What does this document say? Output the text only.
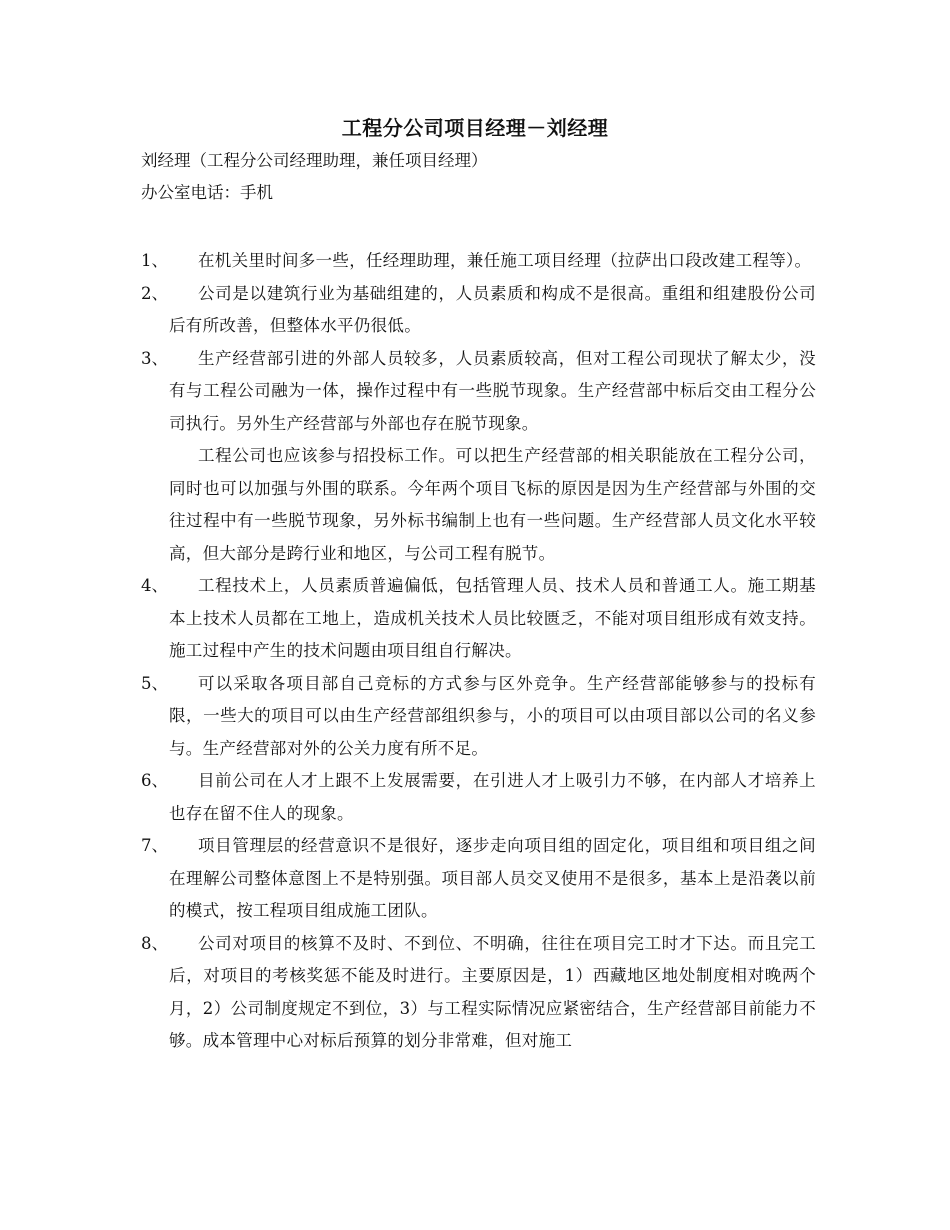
工程分公司项目经理－刘经理
刘经理（工程分公司经理助理，兼任项目经理）
办公室电话：手机
1、	在机关里时间多一些，任经理助理，兼任施工项目经理（拉萨出口段改建工程等）。
2、	公司是以建筑行业为基础组建的，人员素质和构成不是很高。重组和组建股份公司后有所改善，但整体水平仍很低。
3、	生产经营部引进的外部人员较多，人员素质较高，但对工程公司现状了解太少，没有与工程公司融为一体，操作过程中有一些脱节现象。生产经营部中标后交由工程分公司执行。另外生产经营部与外部也存在脱节现象。
工程公司也应该参与招投标工作。可以把生产经营部的相关职能放在工程分公司，同时也可以加强与外围的联系。今年两个项目飞标的原因是因为生产经营部与外围的交往过程中有一些脱节现象，另外标书编制上也有一些问题。生产经营部人员文化水平较高，但大部分是跨行业和地区，与公司工程有脱节。
4、	工程技术上，人员素质普遍偏低，包括管理人员、技术人员和普通工人。施工期基本上技术人员都在工地上，造成机关技术人员比较匮乏，不能对项目组形成有效支持。施工过程中产生的技术问题由项目组自行解决。
5、	可以采取各项目部自己竞标的方式参与区外竞争。生产经营部能够参与的投标有限，一些大的项目可以由生产经营部组织参与，小的项目可以由项目部以公司的名义参与。生产经营部对外的公关力度有所不足。
6、	目前公司在人才上跟不上发展需要，在引进人才上吸引力不够，在内部人才培养上也存在留不住人的现象。
7、	项目管理层的经营意识不是很好，逐步走向项目组的固定化，项目组和项目组之间在理解公司整体意图上不是特别强。项目部人员交叉使用不是很多，基本上是沿袭以前的模式，按工程项目组成施工团队。
8、	公司对项目的核算不及时、不到位、不明确，往往在项目完工时才下达。而且完工后，对项目的考核奖惩不能及时进行。主要原因是，1）西藏地区地处制度相对晚两个月，2）公司制度规定不到位，3）与工程实际情况应紧密结合，生产经营部目前能力不够。成本管理中心对标后预算的划分非常难，但对施工
